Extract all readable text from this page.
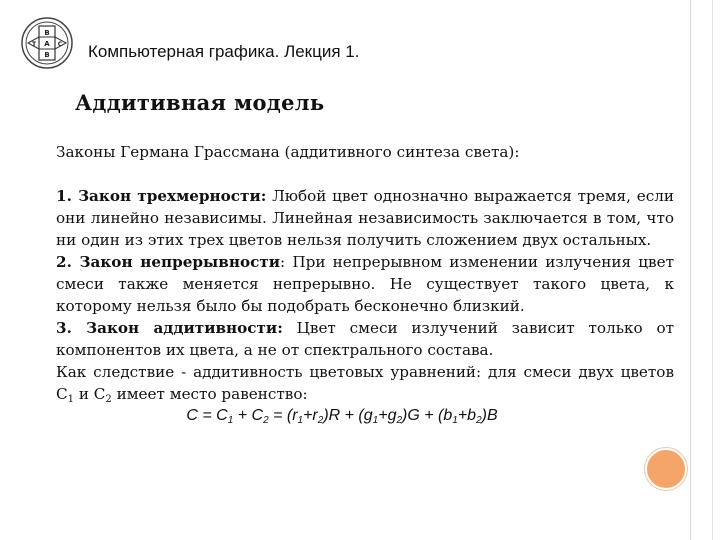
B
A
B
T	C Компьютерная графика. Лекция 1.
Аддитивная модель

Законы Германа Грассмана (аддитивного синтеза света):

1. Закон трехмерности: Любой цвет однозначно выражается тремя, если они линейно независимы. Линейная независимость заключается в том, что ни один из этих трех цветов нельзя получить сложением двух остальных.

2. Закон непрерывности: При непрерывном изменении излучения цвет смеси также меняется непрерывно. Не существует такого цвета, к которому нельзя было бы подобрать бесконечно близкий.

3. Закон аддитивности: Цвет смеси излучений зависит только от компонентов их цвета, а не от спектрального состава.

Как следствие - аддитивность цветовых уравнений: для смеси двух цветов $C_1$ и $C_2$ имеет место равенство:

$C = C_1 + C_2 = (r_1+r_2)R + (g_1+g_2)G + (b_1+b_2)B$
